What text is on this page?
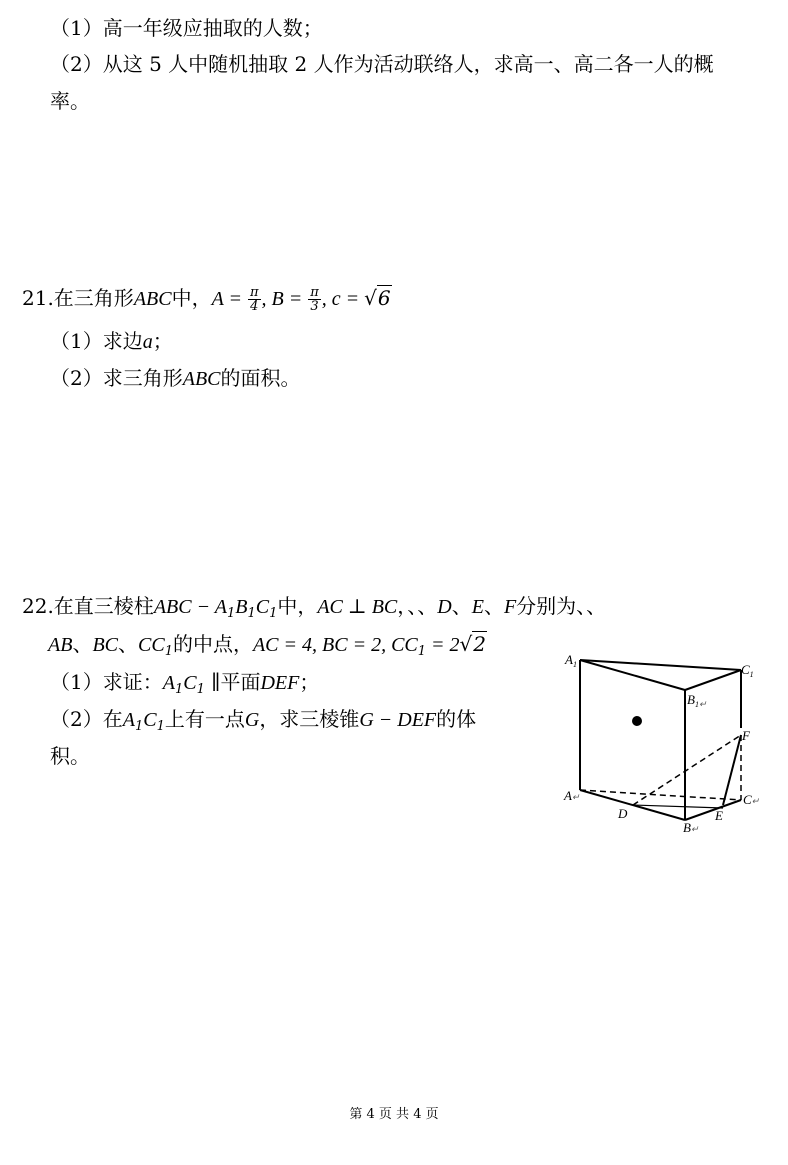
（1）高一年级应抽取的人数；
（2）从这 5 人中随机抽取 2 人作为活动联络人，求高一、高二各一人的概
率。
21.在三角形ABC中，$A = \frac{\pi}{4}$ , $B = \frac{\pi}{3}$ , c = √6
（1）求边a；
（2）求三角形ABC的面积。
22.在直三棱柱ABC − $A_1B_1C_1$中，AC ⊥ BC，、、D、E、F分别为、、
AB、BC、$CC_1$的中点，AC = 4, BC = 2, $CC_1 = 2√2$
（1）求证：$A_1C_1$ ∥平面DEF；
（2）在$A_1C_1$上有一点G，求三棱锥G − DEF的体
积。
$A_1$	$C_1$
$B_1↵$
F
A↵	C↵
D	E
B↵
第 4 页 共 4 页
